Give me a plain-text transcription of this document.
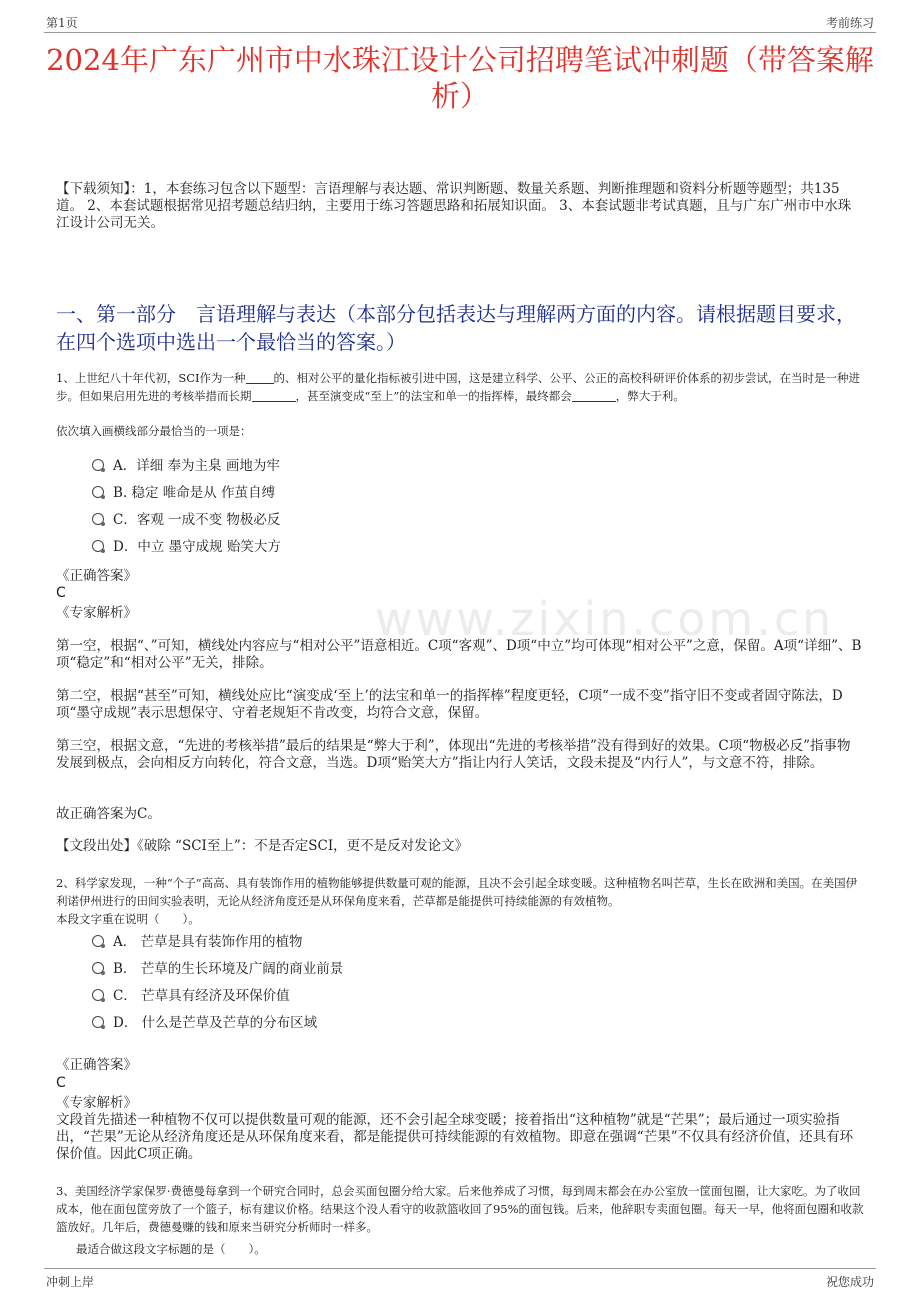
第1页	考前练习
2024年广东广州市中水珠江设计公司招聘笔试冲刺题（带答案解析）
【下载须知】：1，本套练习包含以下题型：言语理解与表达题、常识判断题、数量关系题、判断推理题和资料分析题等题型；共135道。 2、本套试题根据常见招考题总结归纳，主要用于练习答题思路和拓展知识面。 3、本套试题非考试真题，且与广东广州市中水珠江设计公司无关。
一、第一部分　言语理解与表达（本部分包括表达与理解两方面的内容。请根据题目要求，在四个选项中选出一个最恰当的答案。）
www.zixin.com.cn
1、上世纪八十年代初，SCI作为一种 的、相对公平的量化指标被引进中国，这是建立科学、公平、公正的高校科研评价体系的初步尝试，在当时是一种进步。但如果启用先进的考核举措而长期	，甚至演变成“至上”的法宝和单一的指挥棒，最终都会	，弊大于利。
依次填入画横线部分最恰当的一项是：
A．详细 奉为主臬 画地为牢
B. 稳定 唯命是从 作茧自缚
C．客观 一成不变 物极必反
D．中立 墨守成规 贻笑大方
《正确答案》
C
《专家解析》
第一空，根据“、”可知，横线处内容应与“相对公平”语意相近。C项“客观”、D项“中立”均可体现“相对公平”之意，保留。A项“详细”、B项“稳定”和“相对公平”无关，排除。
第二空，根据“甚至”可知，横线处应比“演变成‘至上’的法宝和单一的指挥棒”程度更轻，C项“一成不变”指守旧不变或者固守陈法，D项“墨守成规”表示思想保守、守着老规矩不肯改变，均符合文意，保留。
第三空，根据文意，“先进的考核举措”最后的结果是“弊大于利”，体现出“先进的考核举措”没有得到好的效果。C项“物极必反”指事物发展到极点，会向相反方向转化，符合文意，当选。D项“贻笑大方”指让内行人笑话，文段未提及“内行人”，与文意不符，排除。
故正确答案为C。
【文段出处】《破除 “SCI至上”：不是否定SCI，更不是反对发论文》
2、科学家发现，一种“个子”高高、具有装饰作用的植物能够提供数量可观的能源，且决不会引起全球变暖。这种植物名叫芒草，生长在欧洲和美国。在美国伊利诺伊州进行的田间实验表明，无论从经济角度还是从环保角度来看，芒草都是能提供可持续能源的有效植物。
本段文字重在说明（　　）。
A． 芒草是具有装饰作用的植物
B． 芒草的生长环境及广阔的商业前景
C． 芒草具有经济及环保价值
D． 什么是芒草及芒草的分布区域
《正确答案》
C
《专家解析》
文段首先描述一种植物不仅可以提供数量可观的能源，还不会引起全球变暖；接着指出“这种植物”就是“芒果”；最后通过一项实验指出，“芒果”无论从经济角度还是从环保角度来看，都是能提供可持续能源的有效植物。即意在强调“芒果”不仅具有经济价值，还具有环保价值。因此C项正确。
3、美国经济学家保罗·费德曼每拿到一个研究合同时，总会买面包圈分给大家。后来他养成了习惯，每到周末都会在办公室放一筐面包圈，让大家吃。为了收回成本，他在面包筐旁放了一个篮子，标有建议价格。结果这个没人看守的收款篮收回了95%的面包钱。后来，他辞职专卖面包圈。每天一早，他将面包圈和收款篮放好。几年后，费德曼赚的钱和原来当研究分析师时一样多。
最适合做这段文字标题的是（　　）。
冲刺上岸	祝您成功
